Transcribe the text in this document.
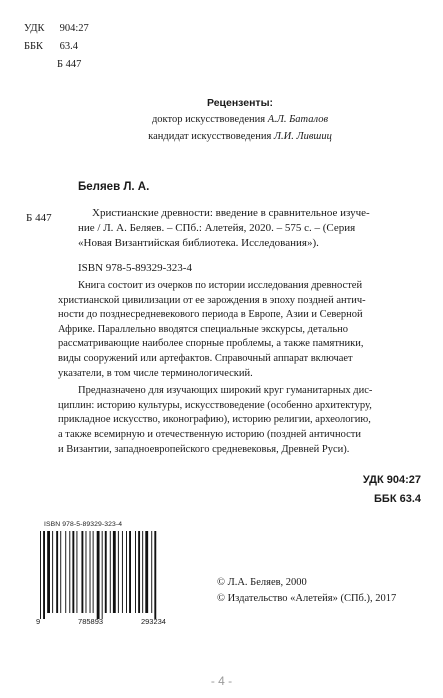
УДК 904:27
ББК 63.4
Б 447
Рецензенты:
доктор искусствоведения А.Л. Баталов
кандидат искусствоведения Л.И. Лившиц
Беляев Л. А.
Б 447	Христианские древности: введение в сравнительное изуче-
ние / Л. А. Беляев. – СПб.: Алетейя, 2020. – 575 с. – (Серия
«Новая Византийская библиотека. Исследования»).
ISBN 978-5-89329-323-4
Книга состоит из очерков по истории исследования древностей
христианской цивилизации от ее зарождения в эпоху поздней антич-
ности до позднесредневекового периода в Европе, Азии и Северной
Африке. Параллельно вводятся специальные экскурсы, детально
рассматривающие наиболее спорные проблемы, а также памятники,
виды сооружений или артефактов. Справочный аппарат включает
указатели, в том числе терминологический.
Предназначено для изучающих широкий круг гуманитарных дис-
циплин: историю культуры, искусствоведение (особенно архитектуру,
прикладное искусство, иконографию), историю религии, археологию,
а также всемирную и отечественную историю (поздней античности
и Византии, западноевропейского средневековья, Древней Руси).
УДК 904:27
ББК 63.4
ISBN 978-5-89329-323-4
9	785893	293234
© Л.А. Беляев, 2000
© Издательство «Алетейя» (СПб.), 2017
- 4 -
